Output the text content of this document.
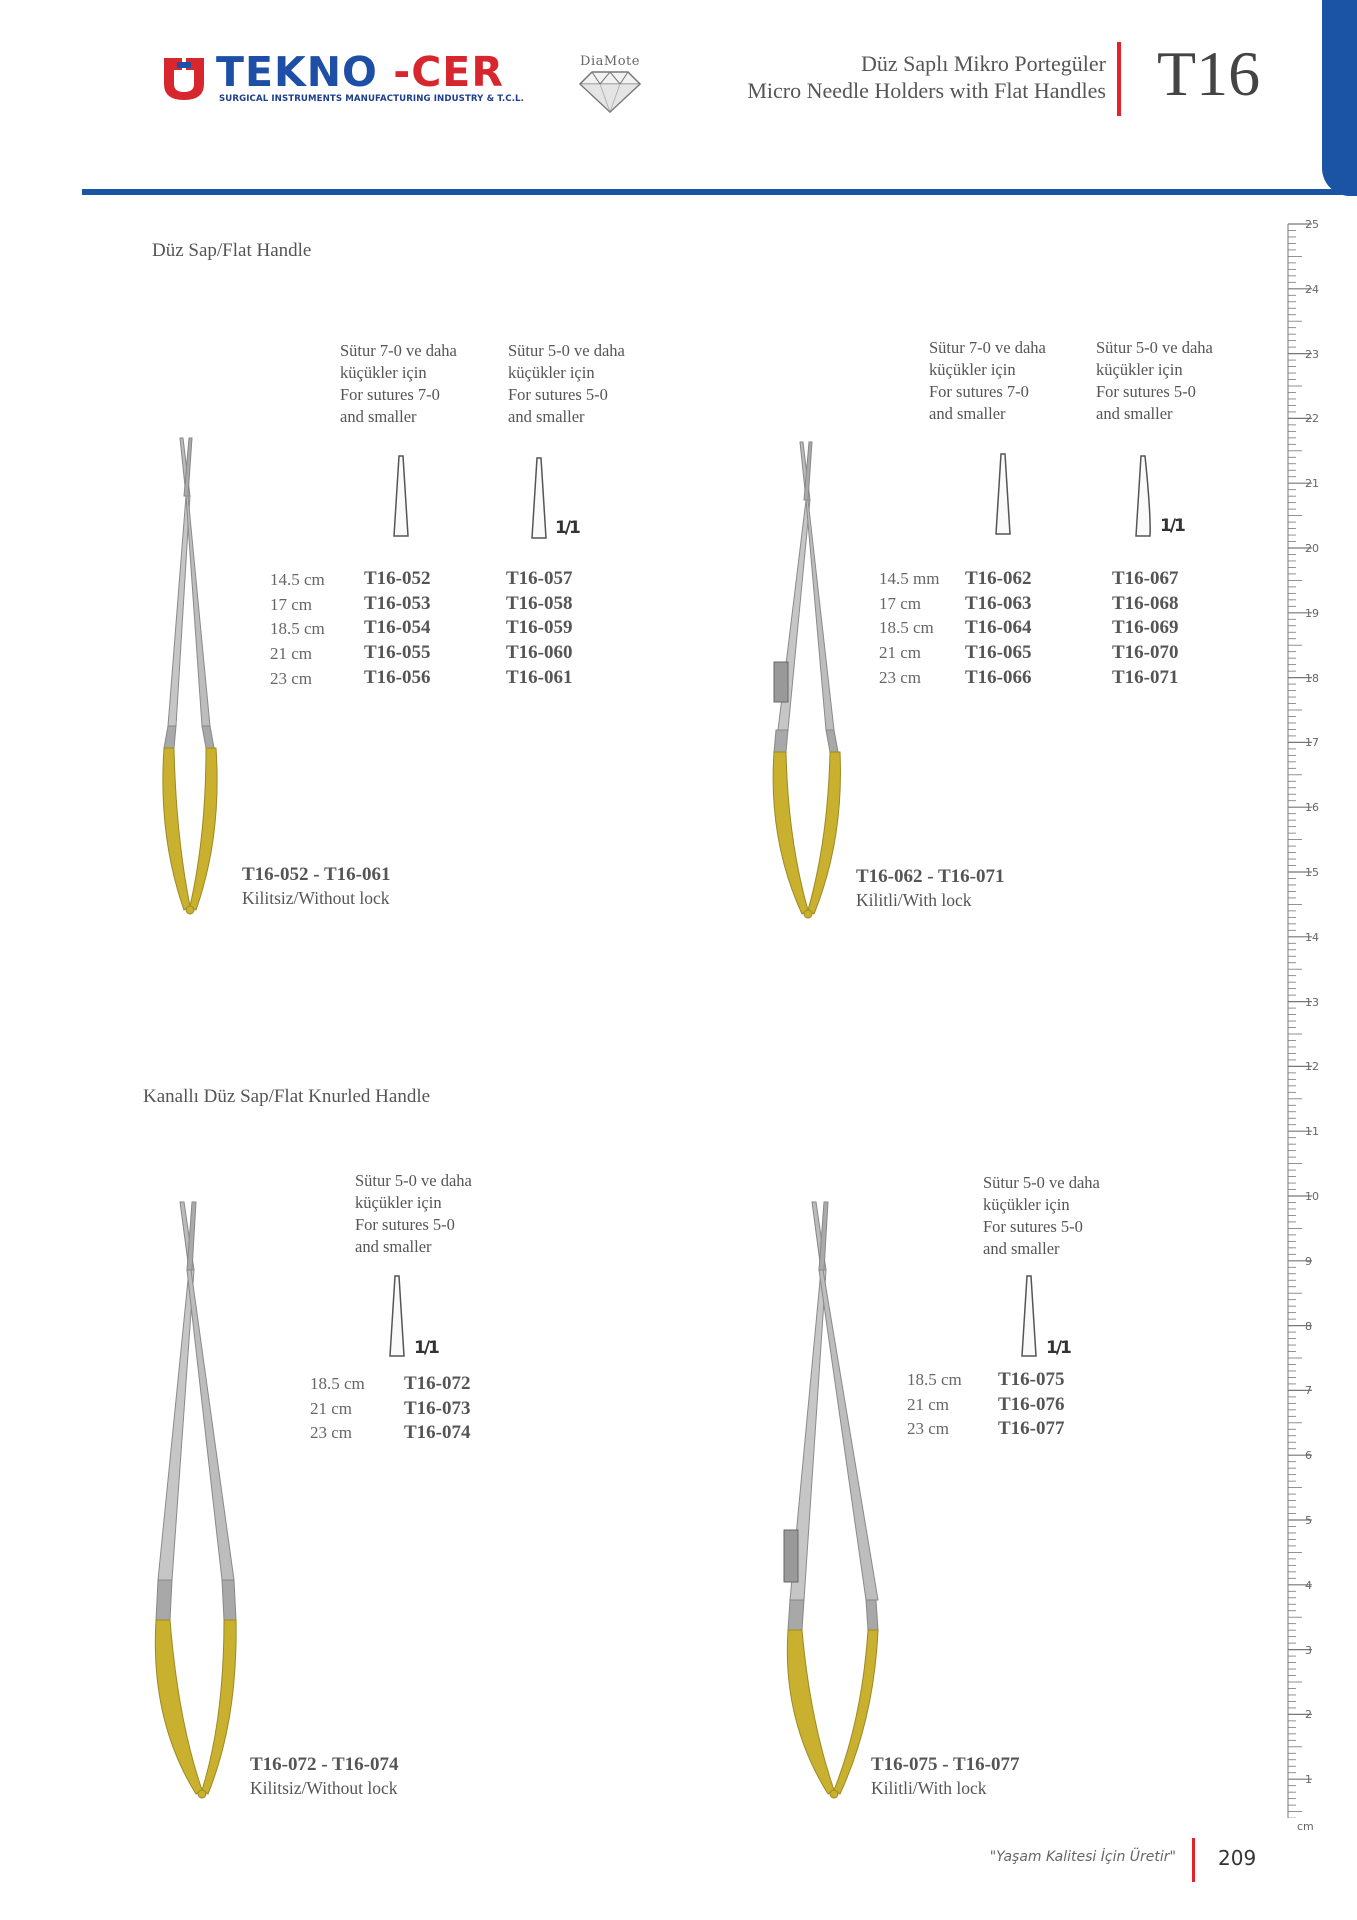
TEKNO -CER
SURGICAL INSTRUMENTS MANUFACTURING INDUSTRY & T.C.L.
DiaMote	Düz Saplı Mikro Portegüler
Micro Needle Holders with Flat Handles T16
Düz Sap/Flat Handle
Sütur 7-0 ve daha
küçükler için
For sutures 7-0
and smaller
Sütur 5-0 ve daha
küçükler için
For sutures 5-0
and smaller
1/1
14.5 cm
17 cm
18.5 cm
21 cm
23 cm
T16-052
T16-053
T16-054
T16-055
T16-056
T16-057
T16-058
T16-059
T16-060
T16-061
T16-052 - T16-061
Kilitsiz/Without lock
Sütur 7-0 ve daha
küçükler için
For sutures 7-0
and smaller
Sütur 5-0 ve daha
küçükler için
For sutures 5-0
and smaller
1/1
14.5 mm
17 cm
18.5 cm
21 cm
23 cm
T16-062
T16-063
T16-064
T16-065
T16-066
T16-067
T16-068
T16-069
T16-070
T16-071
T16-062 - T16-071
Kilitli/With lock
Kanallı Düz Sap/Flat Knurled Handle
Sütur 5-0 ve daha
küçükler için
For sutures 5-0
and smaller
1/1
18.5 cm
21 cm
23 cm
T16-072
T16-073
T16-074
T16-072 - T16-074
Kilitsiz/Without lock
Sütur 5-0 ve daha
küçükler için
For sutures 5-0
and smaller
1/1
18.5 cm
21 cm
23 cm
T16-075
T16-076
T16-077
T16-075 - T16-077
Kilitli/With lock
25
24
23
22
21
20
19
18
17
16
15
14
13
12
11
10
9
8
7
6
5
4
3
2
1
cm
"Yaşam Kalitesi İçin Üretir" 209
